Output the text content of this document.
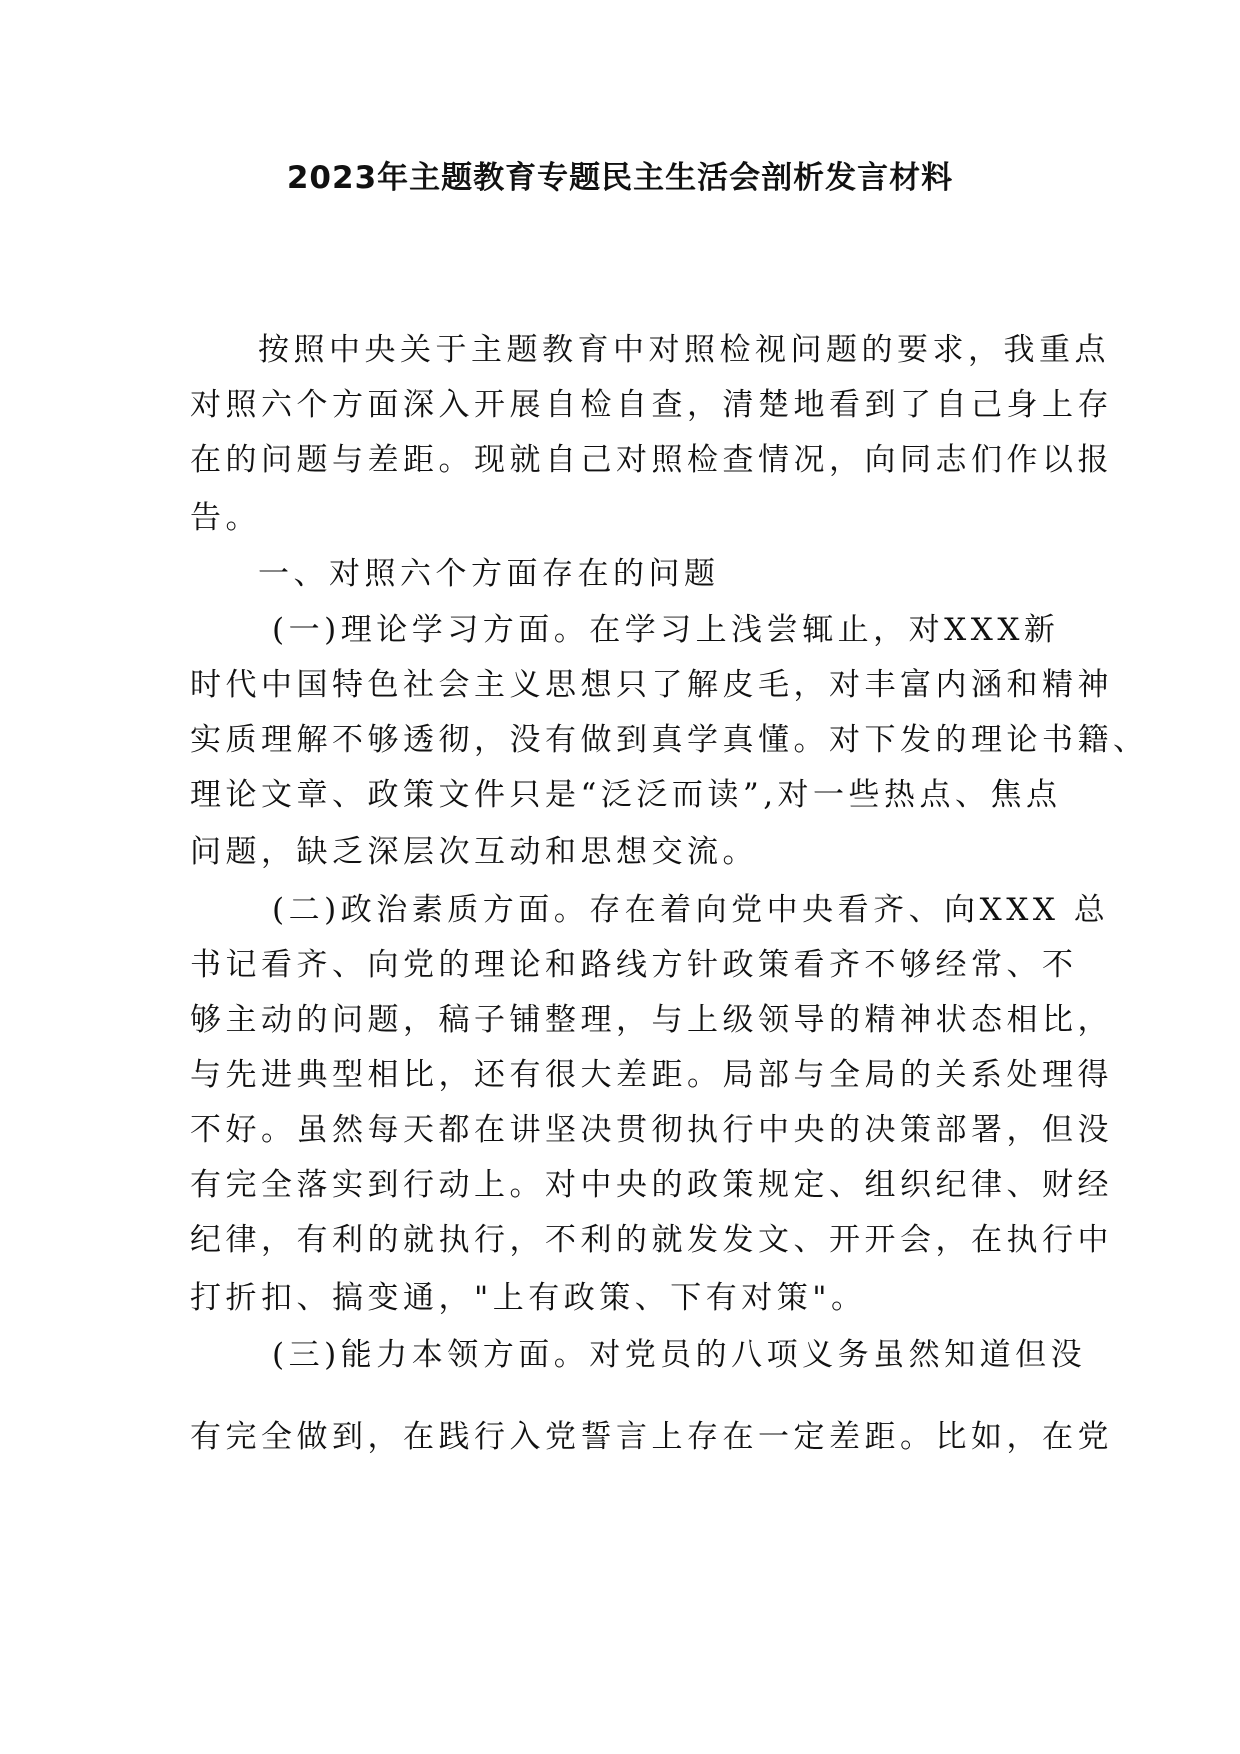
2023年主题教育专题民主生活会剖析发言材料
按照中央关于主题教育中对照检视问题的要求，我重点
对照六个方面深入开展自检自查，清楚地看到了自己身上存
在的问题与差距。现就自己对照检查情况，向同志们作以报
告。
一、对照六个方面存在的问题
(一)理论学习方面。在学习上浅尝辄止，对XXX新
时代中国特色社会主义思想只了解皮毛，对丰富内涵和精神
实质理解不够透彻，没有做到真学真懂。对下发的理论书籍、
理论文章、政策文件只是“泛泛而读”,对一些热点、焦点
问题，缺乏深层次互动和思想交流。
(二)政治素质方面。存在着向党中央看齐、向XXX 总
书记看齐、向党的理论和路线方针政策看齐不够经常、不
够主动的问题，稿子铺整理，与上级领导的精神状态相比，
与先进典型相比，还有很大差距。局部与全局的关系处理得
不好。虽然每天都在讲坚决贯彻执行中央的决策部署，但没
有完全落实到行动上。对中央的政策规定、组织纪律、财经
纪律，有利的就执行，不利的就发发文、开开会，在执行中
打折扣、搞变通，"上有政策、下有对策"。
(三)能力本领方面。对党员的八项义务虽然知道但没
有完全做到，在践行入党誓言上存在一定差距。比如，在党
